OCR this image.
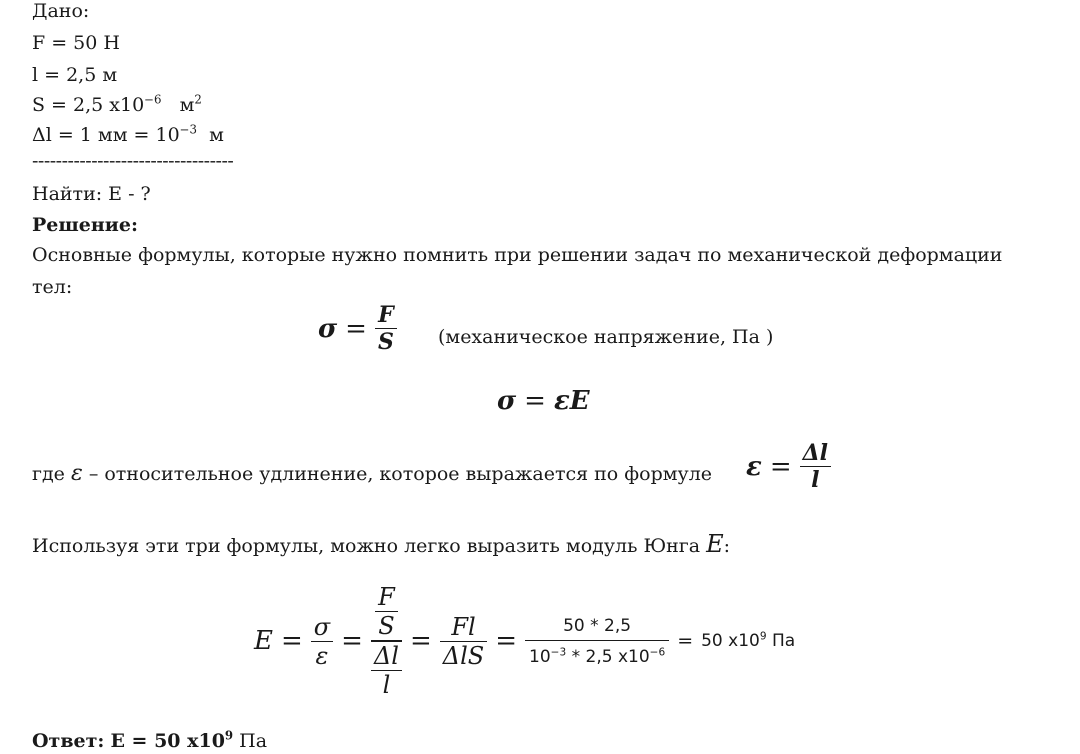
Дано:
F = 50 Н
l = 2,5 м
S = 2,5 $x10^{-6}$ $м^2$
Δl = 1 мм = $10^{-3}$ м
----------------------------------
Найти: E - ?
Решение:
Основные формулы, которые нужно помнить при решении задач по механической деформации
тел:
$\sigma = \frac{F}{S}$ (механическое напряжение, Па )
σ = εE
где ε – относительное удлинение, которое выражается по формуле $\varepsilon = \frac{\Delta l}{l}$
Используя эти три формулы, можно легко выразить модуль Юнга E:
$E = \frac{\sigma}{\varepsilon} = \frac{\frac{F}{S}}{\frac{\Delta l}{l}} = \frac{Fl}{\text{ΔlS}} = \frac{50 * 2,5}{10^{-3} * 2,5 x10^{-6}} = 50$ $x10^9$ Па
Ответ: E = 50 $x10^9$ Па
